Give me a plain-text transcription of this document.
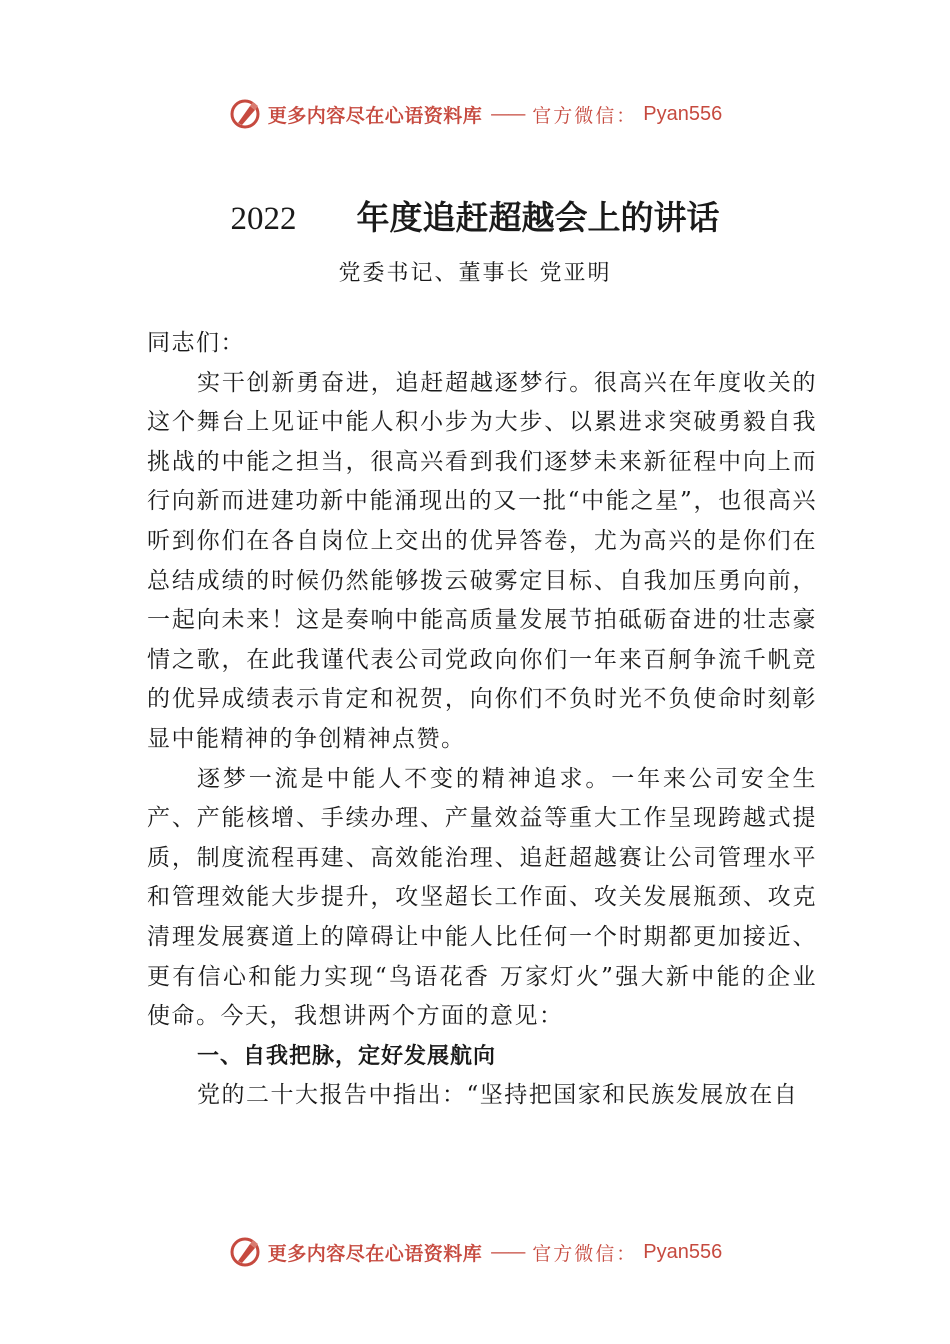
更多内容尽在心语资料库 —— 官方微信： Pyan556
2022 年度追赶超越会上的讲话
党委书记、董事长 党亚明

同志们：

实干创新勇奋进，追赶超越逐梦行。很高兴在年度收关的这个舞台上见证中能人积小步为大步、以累进求突破勇毅自我挑战的中能之担当，很高兴看到我们逐梦未来新征程中向上而行向新而进建功新中能涌现出的又一批“中能之星”，也很高兴听到你们在各自岗位上交出的优异答卷，尤为高兴的是你们在总结成绩的时候仍然能够拨云破雾定目标、自我加压勇向前，一起向未来！这是奏响中能高质量发展节拍砥砺奋进的壮志豪情之歌，在此我谨代表公司党政向你们一年来百舸争流千帆竞的优异成绩表示肯定和祝贺，向你们不负时光不负使命时刻彰显中能精神的争创精神点赞。

逐梦一流是中能人不变的精神追求。一年来公司安全生产、产能核增、手续办理、产量效益等重大工作呈现跨越式提质，制度流程再建、高效能治理、追赶超越赛让公司管理水平和管理效能大步提升，攻坚超长工作面、攻关发展瓶颈、攻克清理发展赛道上的障碍让中能人比任何一个时期都更加接近、更有信心和能力实现“鸟语花香 万家灯火”强大新中能的企业使命。今天，我想讲两个方面的意见：

一、自我把脉，定好发展航向

党的二十大报告中指出：“坚持把国家和民族发展放在自

更多内容尽在心语资料库 —— 官方微信： Pyan556
